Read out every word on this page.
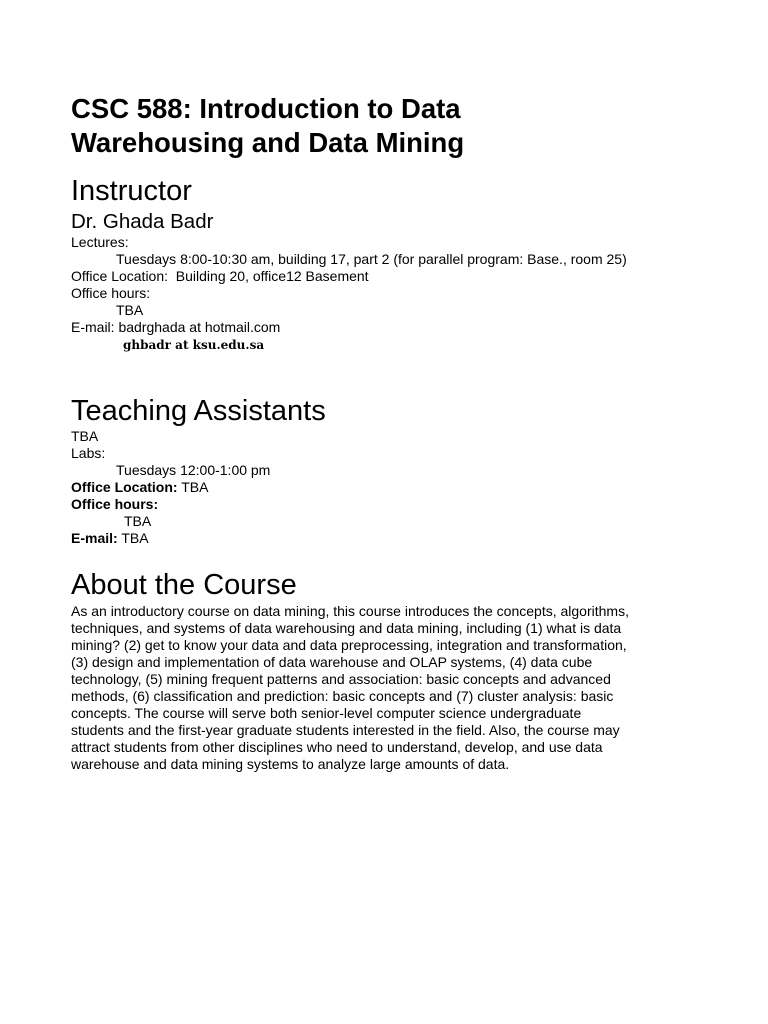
CSC 588: Introduction to Data
Warehousing and Data Mining
Instructor
Dr. Ghada Badr
Lectures:
Tuesdays 8:00-10:30 am, building 17, part 2 (for parallel program: Base., room 25)
Office Location:  Building 20, office12 Basement
Office hours:
TBA
E-mail: badrghada at hotmail.com
ghbadr at ksu.edu.sa
Teaching Assistants
TBA
Labs:
Tuesdays 12:00-1:00 pm
Office Location: TBA
Office hours:
TBA
E-mail: TBA
About the Course
As an introductory course on data mining, this course introduces the concepts, algorithms,
techniques, and systems of data warehousing and data mining, including (1) what is data
mining? (2) get to know your data and data preprocessing, integration and transformation,
(3) design and implementation of data warehouse and OLAP systems, (4) data cube
technology, (5) mining frequent patterns and association: basic concepts and advanced
methods, (6) classification and prediction: basic concepts and (7) cluster analysis: basic
concepts. The course will serve both senior-level computer science undergraduate
students and the first-year graduate students interested in the field. Also, the course may
attract students from other disciplines who need to understand, develop, and use data
warehouse and data mining systems to analyze large amounts of data.
